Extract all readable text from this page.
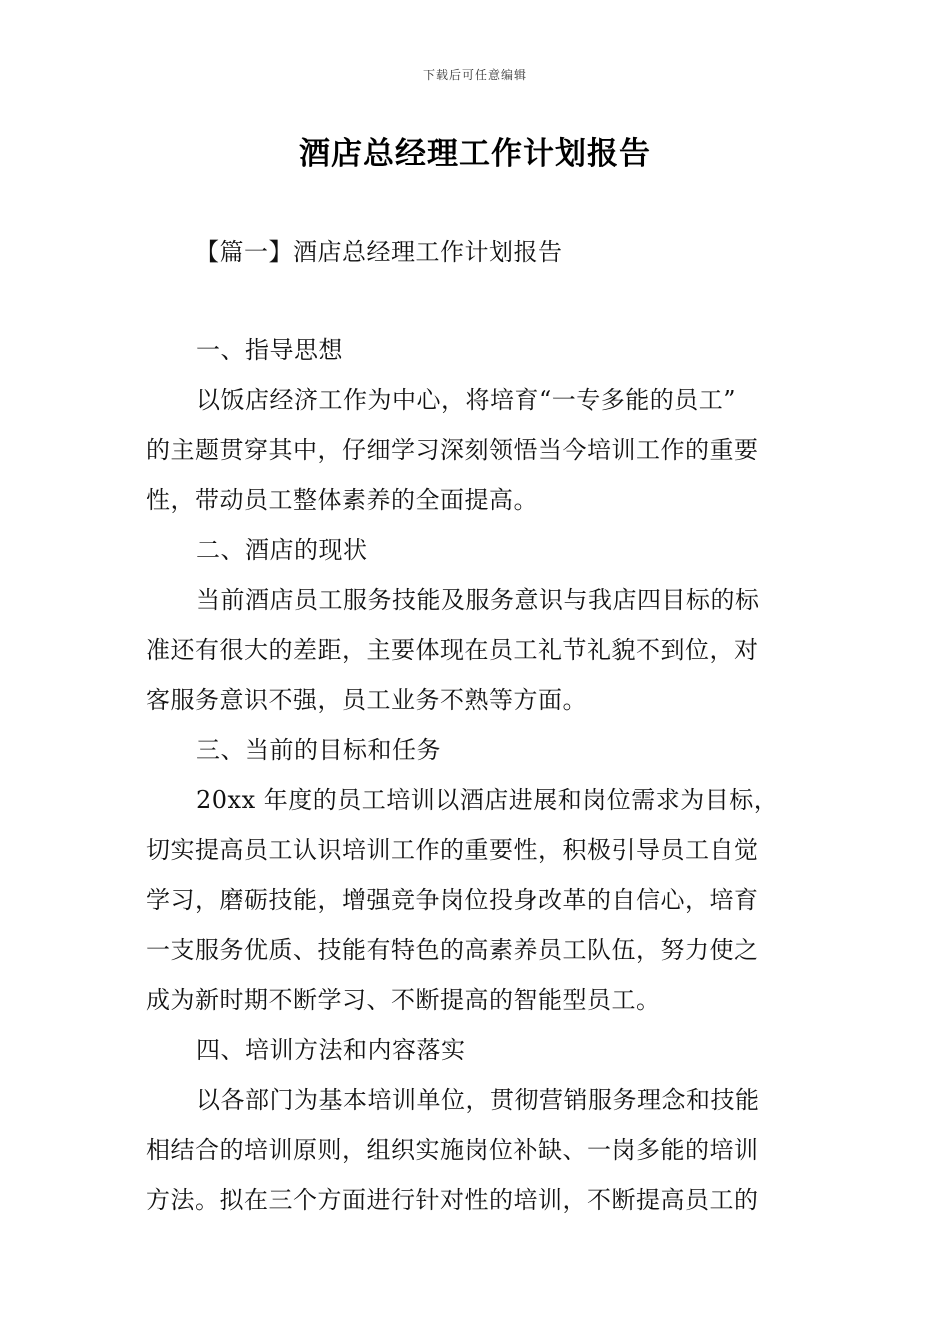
下载后可任意编辑
酒店总经理工作计划报告
【篇一】酒店总经理工作计划报告
一、指导思想
以饭店经济工作为中心，将培育“一专多能的员工”
的主题贯穿其中，仔细学习深刻领悟当今培训工作的重要
性，带动员工整体素养的全面提高。
二、酒店的现状
当前酒店员工服务技能及服务意识与我店四目标的标
准还有很大的差距，主要体现在员工礼节礼貌不到位，对
客服务意识不强，员工业务不熟等方面。
三、当前的目标和任务
20xx 年度的员工培训以酒店进展和岗位需求为目标，
切实提高员工认识培训工作的重要性，积极引导员工自觉
学习，磨砺技能，增强竞争岗位投身改革的自信心，培育
一支服务优质、技能有特色的高素养员工队伍，努力使之
成为新时期不断学习、不断提高的智能型员工。
四、培训方法和内容落实
以各部门为基本培训单位，贯彻营销服务理念和技能
相结合的培训原则，组织实施岗位补缺、一岗多能的培训
方法。拟在三个方面进行针对性的培训，不断提高员工的
